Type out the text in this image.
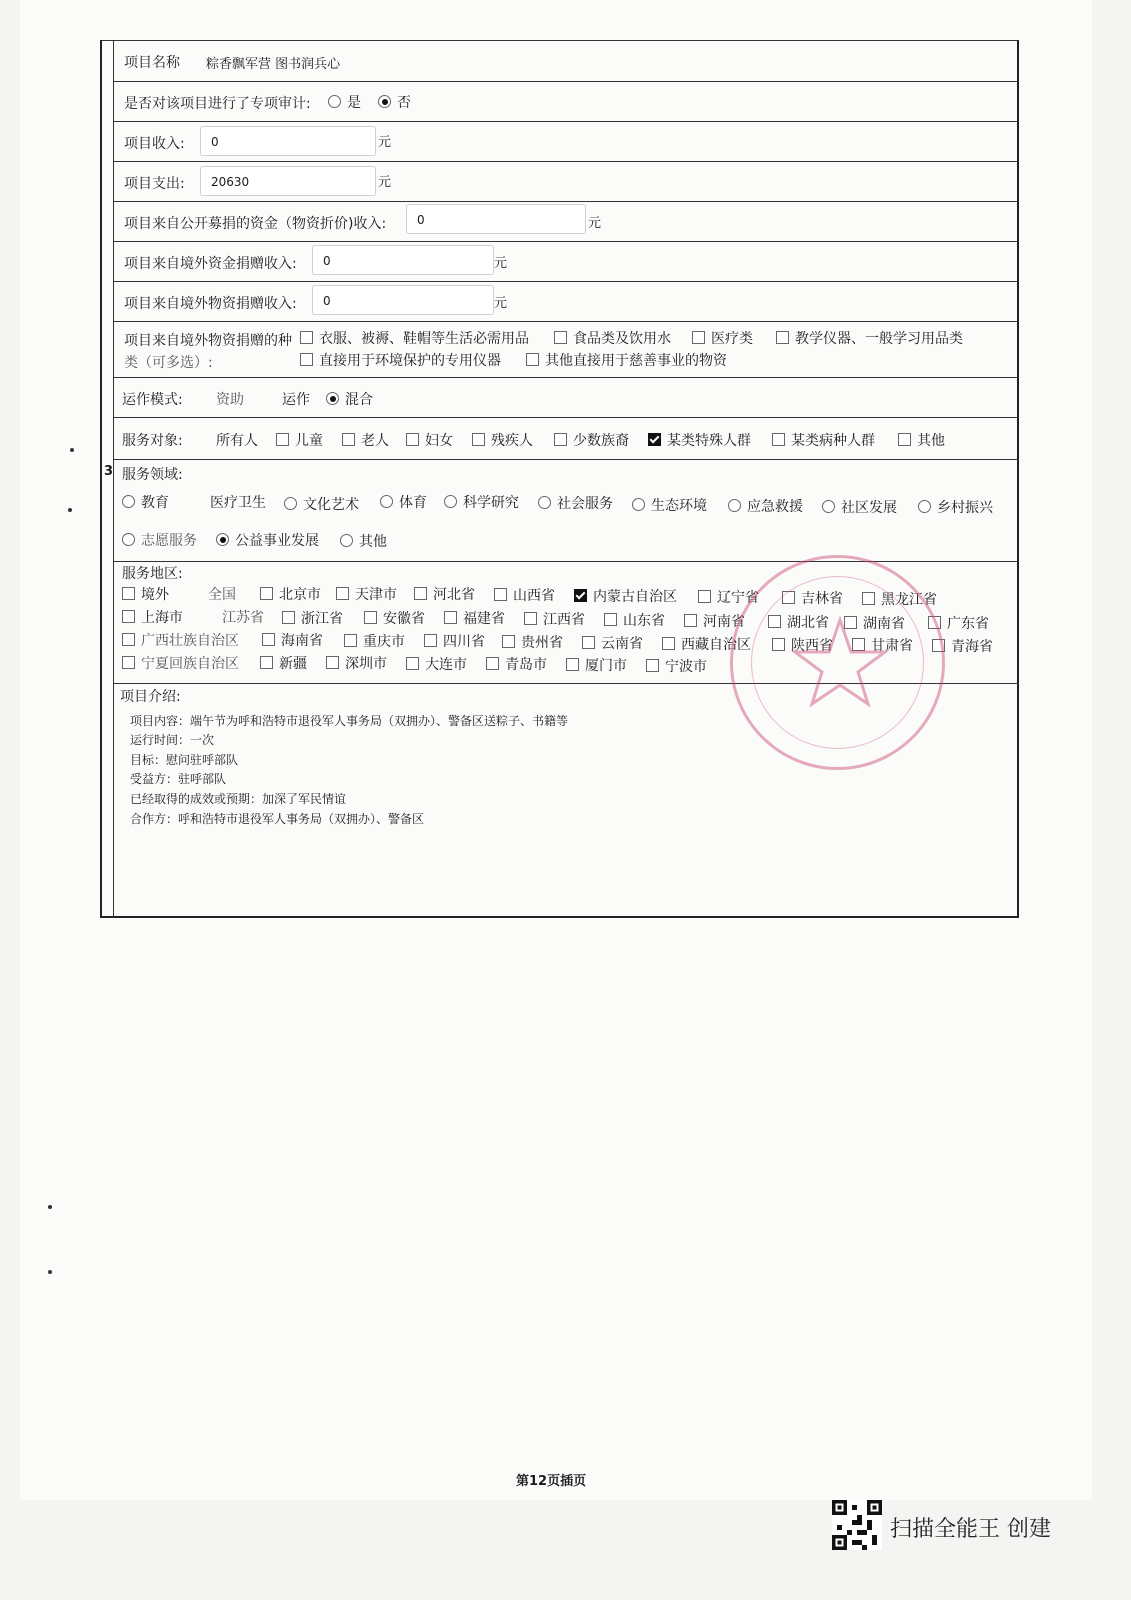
3
项目名称 粽香飘军营 图书润兵心
是否对该项目进行了专项审计:	是	否
项目收入:	0	元
项目支出:	20630	元
项目来自公开募捐的资金（物资折价)收入:	0	元
项目来自境外资金捐赠收入:	0	元
项目来自境外物资捐赠收入:	0	元
项目来自境外物资捐赠的种
类（可多选）:
衣服、被褥、鞋帽等生活必需用品	食品类及饮用水	医疗类	教学仪器、一般学习用品类
直接用于环境保护的专用仪器	其他直接用于慈善事业的物资
运作模式: 资助	运作	混合
服务对象: 所有人	儿童	老人	妇女	残疾人	少数族裔	某类特殊人群	某类病种人群	其他
服务领域:
教育	医疗卫生	文化艺术	体育	科学研究	社会服务	生态环境	应急救援	社区发展	乡村振兴
志愿服务	公益事业发展	其他
服务地区:
境外	全国	北京市	天津市	河北省	山西省	内蒙古自治区	辽宁省	吉林省	黑龙江省
上海市	江苏省	浙江省	安徽省	福建省	江西省	山东省	河南省	湖北省	湖南省	广东省
广西壮族自治区	海南省	重庆市	四川省	贵州省	云南省	西藏自治区	陕西省	甘肃省	青海省
宁夏回族自治区	新疆	深圳市	大连市	青岛市	厦门市	宁波市
项目介绍:
项目内容：端午节为呼和浩特市退役军人事务局（双拥办）、警备区送粽子、书籍等
运行时间：一次
目标：慰问驻呼部队
受益方：驻呼部队
已经取得的成效或预期：加深了军民情谊
合作方：呼和浩特市退役军人事务局（双拥办）、警备区
第12页插页
扫描全能王 创建
